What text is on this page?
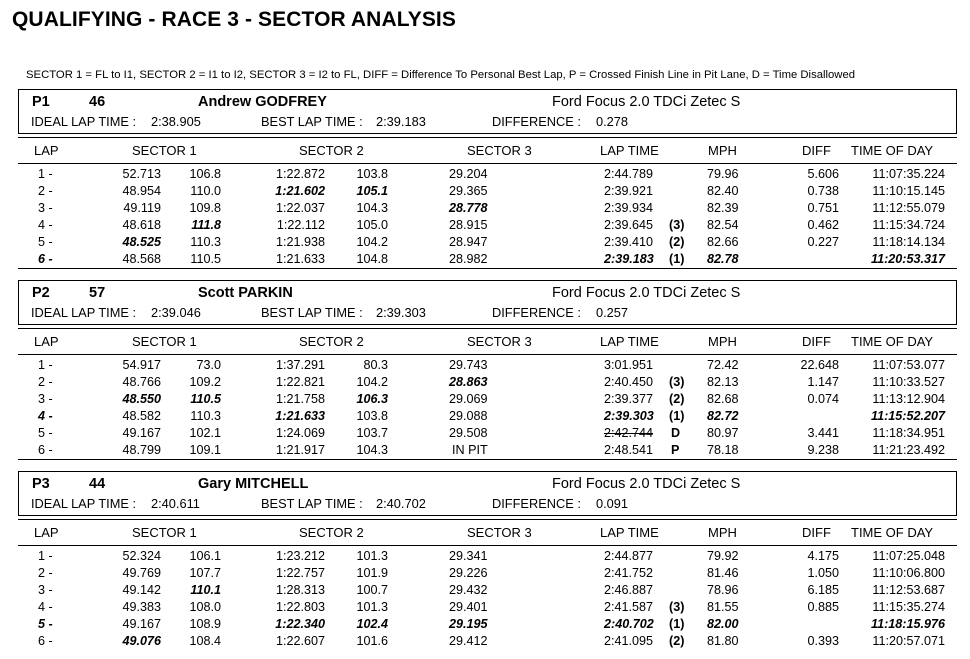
QUALIFYING - RACE 3 - SECTOR ANALYSIS
SECTOR 1 = FL to I1, SECTOR 2 = I1 to I2, SECTOR 3 = I2 to FL, DIFF = Difference To Personal Best Lap, P = Crossed Finish Line in Pit Lane, D = Time Disallowed
P1	46	Andrew GODFREY	Ford Focus 2.0 TDCi Zetec S
IDEAL LAP TIME : 2:38.905	BEST LAP TIME : 2:39.183	DIFFERENCE : 0.278
LAP	SECTOR 1	SECTOR 2	SECTOR 3	LAP TIME	MPH	DIFF TIME OF DAY
1 -	52.713 106.8	1:22.872 103.8	29.204	2:44.789	79.96	5.606	11:07:35.224
2 -	48.954 110.0	1:21.602 105.1	29.365	2:39.921	82.40	0.738	11:10:15.145
3 -	49.119 109.8	1:22.037 104.3	28.778	2:39.934	82.39	0.751	11:12:55.079
4 -	48.618 111.8	1:22.112 105.0	28.915	2:39.645 (3) 82.54	0.462	11:15:34.724
5 -	48.525 110.3	1:21.938 104.2	28.947	2:39.410 (2) 82.66	0.227	11:18:14.134
6 -	48.568 110.5	1:21.633 104.8	28.982	2:39.183 (1) 82.78	11:20:53.317
P2	57	Scott PARKIN	Ford Focus 2.0 TDCi Zetec S
IDEAL LAP TIME : 2:39.046	BEST LAP TIME : 2:39.303	DIFFERENCE : 0.257
LAP	SECTOR 1	SECTOR 2	SECTOR 3	LAP TIME	MPH	DIFF TIME OF DAY
1 -	54.917	73.0	1:37.291	80.3	29.743	3:01.951	72.42	22.648	11:07:53.077
2 -	48.766 109.2	1:22.821 104.2	28.863	2:40.450 (3) 82.13	1.147	11:10:33.527
3 -	48.550 110.5	1:21.758 106.3	29.069	2:39.377 (2) 82.68	0.074	11:13:12.904
4 -	48.582 110.3	1:21.633 103.8	29.088	2:39.303 (1) 82.72	11:15:52.207
5 -	49.167 102.1	1:24.069 103.7	29.508	2:42.744 D 80.97	3.441	11:18:34.951
6 -	48.799 109.1	1:21.917 104.3	IN PIT	2:48.541 P 78.18	9.238	11:21:23.492
P3	44	Gary MITCHELL	Ford Focus 2.0 TDCi Zetec S
IDEAL LAP TIME : 2:40.611	BEST LAP TIME : 2:40.702	DIFFERENCE : 0.091
LAP	SECTOR 1	SECTOR 2	SECTOR 3	LAP TIME	MPH	DIFF TIME OF DAY
1 -	52.324 106.1	1:23.212 101.3	29.341	2:44.877	79.92	4.175	11:07:25.048
2 -	49.769 107.7	1:22.757 101.9	29.226	2:41.752	81.46	1.050	11:10:06.800
3 -	49.142 110.1	1:28.313 100.7	29.432	2:46.887	78.96	6.185	11:12:53.687
4 -	49.383 108.0	1:22.803 101.3	29.401	2:41.587 (3) 81.55	0.885	11:15:35.274
5 -	49.167 108.9	1:22.340 102.4	29.195	2:40.702 (1) 82.00	11:18:15.976
6 -	49.076 108.4	1:22.607 101.6	29.412	2:41.095 (2) 81.80	0.393	11:20:57.071
